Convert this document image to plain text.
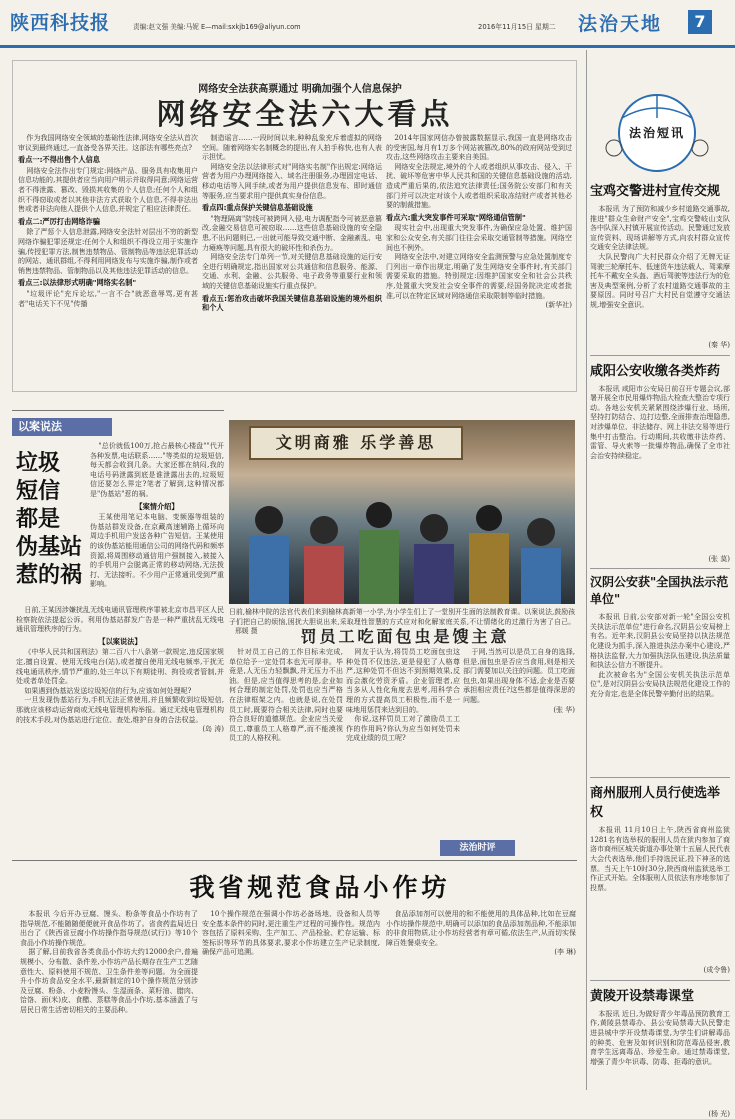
陕西科技报	责编:赵文强 美编:马妮 E—mail:sxkjb169@aliyun.com	2016年11月15日 星期二 法治天地	7
网络安全法获高票通过 明确加强个人信息保护
网络安全法六大看点

作为我国网络安全领域的基础性法律,网络安全法从首次审议到最终通过,一直备受各界关注。这部法有哪些亮点?

看点一:不得出售个人信息

网络安全法作出专门规定:网络产品、服务具有收集用户信息功能的,其提供者应当向用户明示并取得同意;网络运营者不得泄露、篡改、毁损其收集的个人信息;任何个人和组织不得窃取或者以其他非法方式获取个人信息,不得非法出售或者非法向他人提供个人信息,并规定了相应法律责任。

看点二:严厉打击网络诈骗

除了严惩个人信息泄露,网络安全法针对层出不穷的新型网络诈骗犯罪还规定:任何个人和组织不得设立用于实施诈骗,传授犯罪方法,制售违禁物品、管制物品等违法犯罪活动的网站、通讯群组,不得利用网络发布与实施诈骗,制作或者销售违禁物品、管制物品以及其他违法犯罪活动的信息。

看点三:以法律形式明确"网络实名制"

"垃圾评论"充斥论坛,"一言不合"就恶意辱骂,更有甚者"电话关下不见"传播

制造谣言……一段时间以来,种种乱象充斥着虚拟的网络空间。随着网络实名制概念的提出,有人拍手称快,也有人表示担忧。

网络安全法以法律形式对"网络实名制"作出规定:网络运营者为用户办理网络接入、域名注册服务,办理固定电话、移动电话等入网手续,或者为用户提供信息发布、即时通信等服务,应当要求用户提供真实身份信息。

看点四:重点保护关键信息基础设施

"物理隔离"防线可被跨网入侵,电力调配指令可被恶意篡改,金融交易信息可被窃取……这些信息基础设施的安全隐患,不出问题则已,一出就可能导致交通中断、金融紊乱、电力瘫痪等问题,具有很大的破坏性和杀伤力。

网络安全法专门单列一节,对关键信息基础设施的运行安全进行明确规定,指出国家对公共通信和信息服务、能源、交通、水利、金融、公共服务、电子政务等重要行业和领域的关键信息基础设施实行重点保护。

看点五:惩治攻击破坏我国关键信息基础设施的境外组织和个人

2014年国家网信办曾披露数据显示,我国一直是网络攻击的受害国,每月有1万多个网站被篡改,80%的政府网站受到过攻击,这些网络攻击主要来自美国。

网络安全法规定,境外的个人或者组织从事攻击、侵入、干扰、破坏等危害中华人民共和国的关键信息基础设施的活动,造成严重后果的,依法追究法律责任;国务院公安部门和有关部门并可以决定对该个人或者组织采取冻结财产或者其他必要的制裁措施。

看点六:重大突发事件可采取"网络通信管制"

现实社会中,出现重大突发事件,为确保应急处置、维护国家和公众安全,有关部门往往会采取交通管制等措施。网络空间也不例外。

网络安全法中,对建立网络安全监测预警与应急处置制度专门列出一章作出规定,明确了发生网络安全事件时,有关部门需要采取的措施。特别规定:因维护国家安全和社会公共秩序,处置重大突发社会安全事件的需要,经国务院决定或者批准,可以在特定区域对网络通信采取限制等临时措施。

(新华社)
法治短讯
宝鸡交警进村宣传交规

本报讯 为了预防和减少乡村道路交通事故,推进"群众生命财产安全",宝鸡交警岐山支队各中队深入村镇开展宣传活动。民警通过发放宣传资料、现场讲解等方式,向农村群众宣传交通安全法律法规。

大队民警向广大村民群众介绍了无牌无证驾驶三轮摩托车、低速货车违法载人、驾乘摩托车不戴安全头盔、酒后驾驶等违法行为的危害及典型案例,分析了农村道路交通事故的主要原因。同时号召广大村民自觉遵守交通法规,增强安全意识。

(秦 华)
咸阳公安收缴各类炸药

本报讯 咸阳市公安局日前召开专题会议,部署开展全市民用爆炸物品大检查大整治专项行动。各地公安机关紧紧围绕涉爆行业、场所,坚持打防结合、边打边整,全面排查治理隐患,对涉爆单位、非法储存、网上非法交易等进行集中打击整治。行动期间,共收缴非法炸药、雷管、导火索等一批爆炸物品,确保了全市社会治安持续稳定。

(张 莫)
汉阴公安获"全国执法示范单位"

本报讯 日前,公安部对新一轮"全国公安机关执法示范单位"进行命名,汉阴县公安局榜上有名。近年来,汉阴县公安局坚持以执法规范化建设为抓手,深入推进执法办案中心建设,严格执法监督,大力加强执法队伍建设,执法质量和执法公信力不断提升。

此次被命名为"全国公安机关执法示范单位",是对汉阴县公安局执法规范化建设工作的充分肯定,也是全体民警辛勤付出的结果。

商州服刑人员行使选举权

本报讯 11月10日上午,陕西省商州监狱1281名有选举权的服刑人员在狱内参加了商洛市商州区城关街道办事处第十五届人民代表大会代表选举,他们手持选民证,投下神圣的选票。当天上午10时30分,陕西商州监狱选举工作正式开始。全体服刑人员依法有序地参加了投票。

(成令鲁)
黄陵开设禁毒课堂

本报讯 近日,为做好青少年毒品预防教育工作,黄陵县禁毒办、县公安局禁毒大队民警走进县城中学开设禁毒课堂,为学生们讲解毒品的种类、危害及如何识别和防范毒品侵害,教育学生远离毒品、珍爱生命。通过禁毒课堂,增强了青少年识毒、防毒、拒毒的意识。

(杨 光)
以案说法
垃圾
短信
都是
伪基站
惹的祸

"总价就低100万,抢占最核心楼盘""代开各种发票,电话联系……"等类似的垃圾短信,每天都会收到几条。大家还都在纳闷,我的电话号码泄露到底是谁泄露出去的,垃圾短信还要怎么界定?笔者了解到,这种情况都是"伪基站"惹的祸。

【案情介绍】

王某使用笔记本电脑、变频器等组装的伪基站群发设备,在京藏高速辅路上循环向周边手机用户发送各种广告短信。王某使用的该伪基站能用通信公司的网络代码和频率资源,将周围移动通信用户强制接入,被接入的手机用户会脱离正常的移动网络,无法拨打、无法接听。不少用户正常通讯受到严重影响。

日前,王某因涉嫌扰乱无线电通讯管理秩序罪被北京市昌平区人民检察院依法提起公诉。利用伪基站群发广告是一种严重扰乱无线电通讯管理秩序的行为。

【以案说法】

《中华人民共和国刑法》第二百八十八条第一款规定,违反国家规定,擅自设置、使用无线电台(站),或者擅自使用无线电频率,干扰无线电通讯秩序,情节严重的,处三年以下有期徒刑、拘役或者管制,并处或者单处罚金。

如果遇到伪基站发送垃圾短信的行为,应该如何处理呢?

一旦发现伪基站行为,手机无法正常使用,并且频繁收到垃圾短信,那就应该移动运营商或无线电管理机构举报。通过无线电管理机构的技术手段,对伪基站进行定位、查处,维护自身的合法权益。

(岛 涛)
文明商雅 乐学善思
日前,榆林中院的法官代表们来到榆林高新第一小学,为小学生们上了一堂别开生面的法制教育课。以案说法,鼓励孩子们把自己的烦恼,困扰大胆说出来,采取理性智慧的方式应对和化解家庭关系,不让情绪化的过激行为害了自己。 邢媛 摄	罚员工吃面包虫是馊主意

针对员工自己的工作目标未完成,单位给予一定处罚本也无可厚非。毕竟是,人无压力轻飘飘,井无压力不出油。但是,应当值得思考的是,企业如何合理的制定处罚,处罚也应当严格在法律框架之内。也就是说,在处罚员工时,既要符合相关法律,同时也要符合良好的道德规范。企业应当关爱员工,尊重员工人格尊严,而不能漠视员工的人格权利。

网友于认为,将罚员工吃面包虫这种处罚不仅违法,更是侵犯了人格尊严,这种处罚不但达不到预期效果,反而会激化劳资矛盾。企业管理者,应当多从人性化角度去思考,用科学合理的方式提高员工积极性,而不是一味地用惩罚来达到目的。

你说,这样罚员工对了激励员工工作的作用吗?你认为应当如何处罚未完成业绩的员工呢?

于网,当然可以是员工自身的选择,但是,面包虫是否应当食用,则是相关部门需要加以关注的问题。员工吃面包虫,如果出现身体不适,企业是否要承担相应责任?这些都是值得深思的问题。

(张 华)
法治时评
我省规范食品小作坊

本报讯 今后开办豆腐、馒头、粉条等食品小作坊有了指导规范,不能随随便便就开食品作坊了。省食药监局近日出台了《陕西省豆腐小作坊操作指导规范(试行)》等10个食品小作坊操作规范。

据了解,目前我省各类食品小作坊大约12000余户,普遍规模小、分布散、条件差,小作坊产品长期存在生产工艺随意性大、原料使用不规范、卫生条件差等问题。为全面提升小作坊食品安全水平,最新制定的10个操作规范分别涉及豆腐、粉条、小麦粉馒头、生湿面条、菜籽油、腊肉、饸饹、面(米)皮、食醋、蒸糕等食品小作坊,基本涵盖了与居民日常生活密切相关的主要品种。

10个操作规范在强调小作坊必备场地、设备和人员等安全基本条件的同时,更注重生产过程的可操作性。规范内容包括了原料采购、生产加工、产品检验、贮存运输、标签标识等环节的具体要求,要求小作坊建立生产记录制度,确保产品可追溯。

食品添加剂可以使用的和不能使用的具体品种,比如在豆腐小作坊操作规范中,明确可以添加的食品添加剂品种,不能添加的非食用物质,让小作坊经营者有章可循,依法生产,从而切实保障百姓餐桌安全。

(李 琳)
